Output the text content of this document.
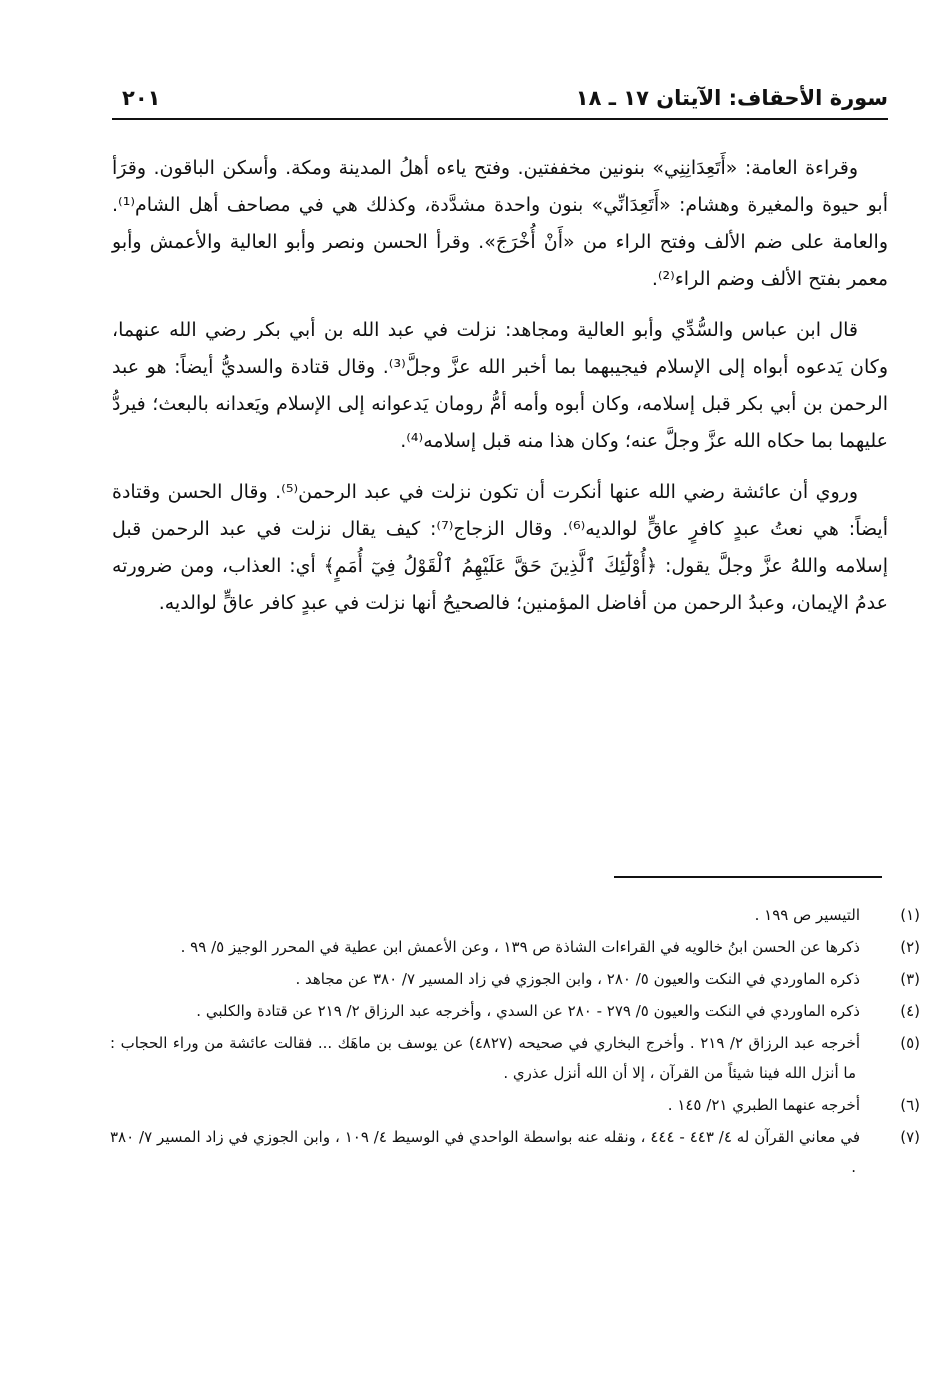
سورة الأحقاف: الآيتان ١٧ ـ ١٨
٢٠١

وقراءة العامة: «أَتَعِدَانِنِي» بنونين مخففتين. وفتح ياءه أهلُ المدينة ومكة. وأسكن الباقون. وقرَأ أبو حيوة والمغيرة وهشام: «أَتَعِدَانِّي» بنون واحدة مشدَّدة، وكذلك هي في مصاحف أهل الشام⁽¹⁾. والعامة على ضم الألف وفتح الراء من «أَنْ أُخْرَجَ». وقرأ الحسن ونصر وأبو العالية والأعمش وأبو معمر بفتح الألف وضم الراء⁽²⁾.

قال ابن عباس والسُّدِّي وأبو العالية ومجاهد: نزلت في عبد الله بن أبي بكر رضي الله عنهما، وكان يَدعوه أبواه إلى الإسلام فيجيبهما بما أخبر الله عزَّ وجلَّ⁽³⁾. وقال قتادة والسديُّ أيضاً: هو عبد الرحمن بن أبي بكر قبل إسلامه، وكان أبوه وأمه أمُّ رومان يَدعوانه إلى الإسلام ويَعدانه بالبعث؛ فيردُّ عليهما بما حكاه الله عزَّ وجلَّ عنه؛ وكان هذا منه قبل إسلامه⁽⁴⁾.

وروي أن عائشة رضي الله عنها أنكرت أن تكون نزلت في عبد الرحمن⁽⁵⁾. وقال الحسن وقتادة أيضاً: هي نعتُ عبدٍ كافرٍ عاقٍّ لوالديه⁽⁶⁾. وقال الزجاج⁽⁷⁾: كيف يقال نزلت في عبد الرحمن قبل إسلامه واللهُ عزَّ وجلَّ يقول: ﴿أُوْلَٰٓئِكَ ٱلَّذِينَ حَقَّ عَلَيْهِمُ ٱلْقَوْلُ فِيٓ أُمَمٍ﴾ أي: العذاب، ومن ضرورته عدمُ الإيمان، وعبدُ الرحمن من أفاضل المؤمنين؛ فالصحيحُ أنها نزلت في عبدٍ كافر عاقٍّ لوالديه.

(١)التيسير ص ١٩٩ .

(٢)ذكرها عن الحسن ابنُ خالويه في القراءات الشاذة ص ١٣٩ ، وعن الأعمش ابن عطية في المحرر الوجيز ٥/ ٩٩ .

(٣)ذكره الماوردي في النكت والعيون ٥/ ٢٨٠ ، وابن الجوزي في زاد المسير ٧/ ٣٨٠ عن مجاهد .

(٤)ذكره الماوردي في النكت والعيون ٥/ ٢٧٩ - ٢٨٠ عن السدي ، وأخرجه عبد الرزاق ٢/ ٢١٩ عن قتادة والكلبي .

(٥)أخرجه عبد الرزاق ٢/ ٢١٩ . وأخرج البخاري في صحيحه (٤٨٢٧) عن يوسف بن ماهَك ... فقالت عائشة من وراء الحجاب : ما أنزل الله فينا شيئاً من القرآن ، إلا أن الله أنزل عذري .

(٦)أخرجه عنهما الطبري ٢١/ ١٤٥ .

(٧)في معاني القرآن له ٤/ ٤٤٣ - ٤٤٤ ، ونقله عنه بواسطة الواحدي في الوسيط ٤/ ١٠٩ ، وابن الجوزي في زاد المسير ٧/ ٣٨٠ .
